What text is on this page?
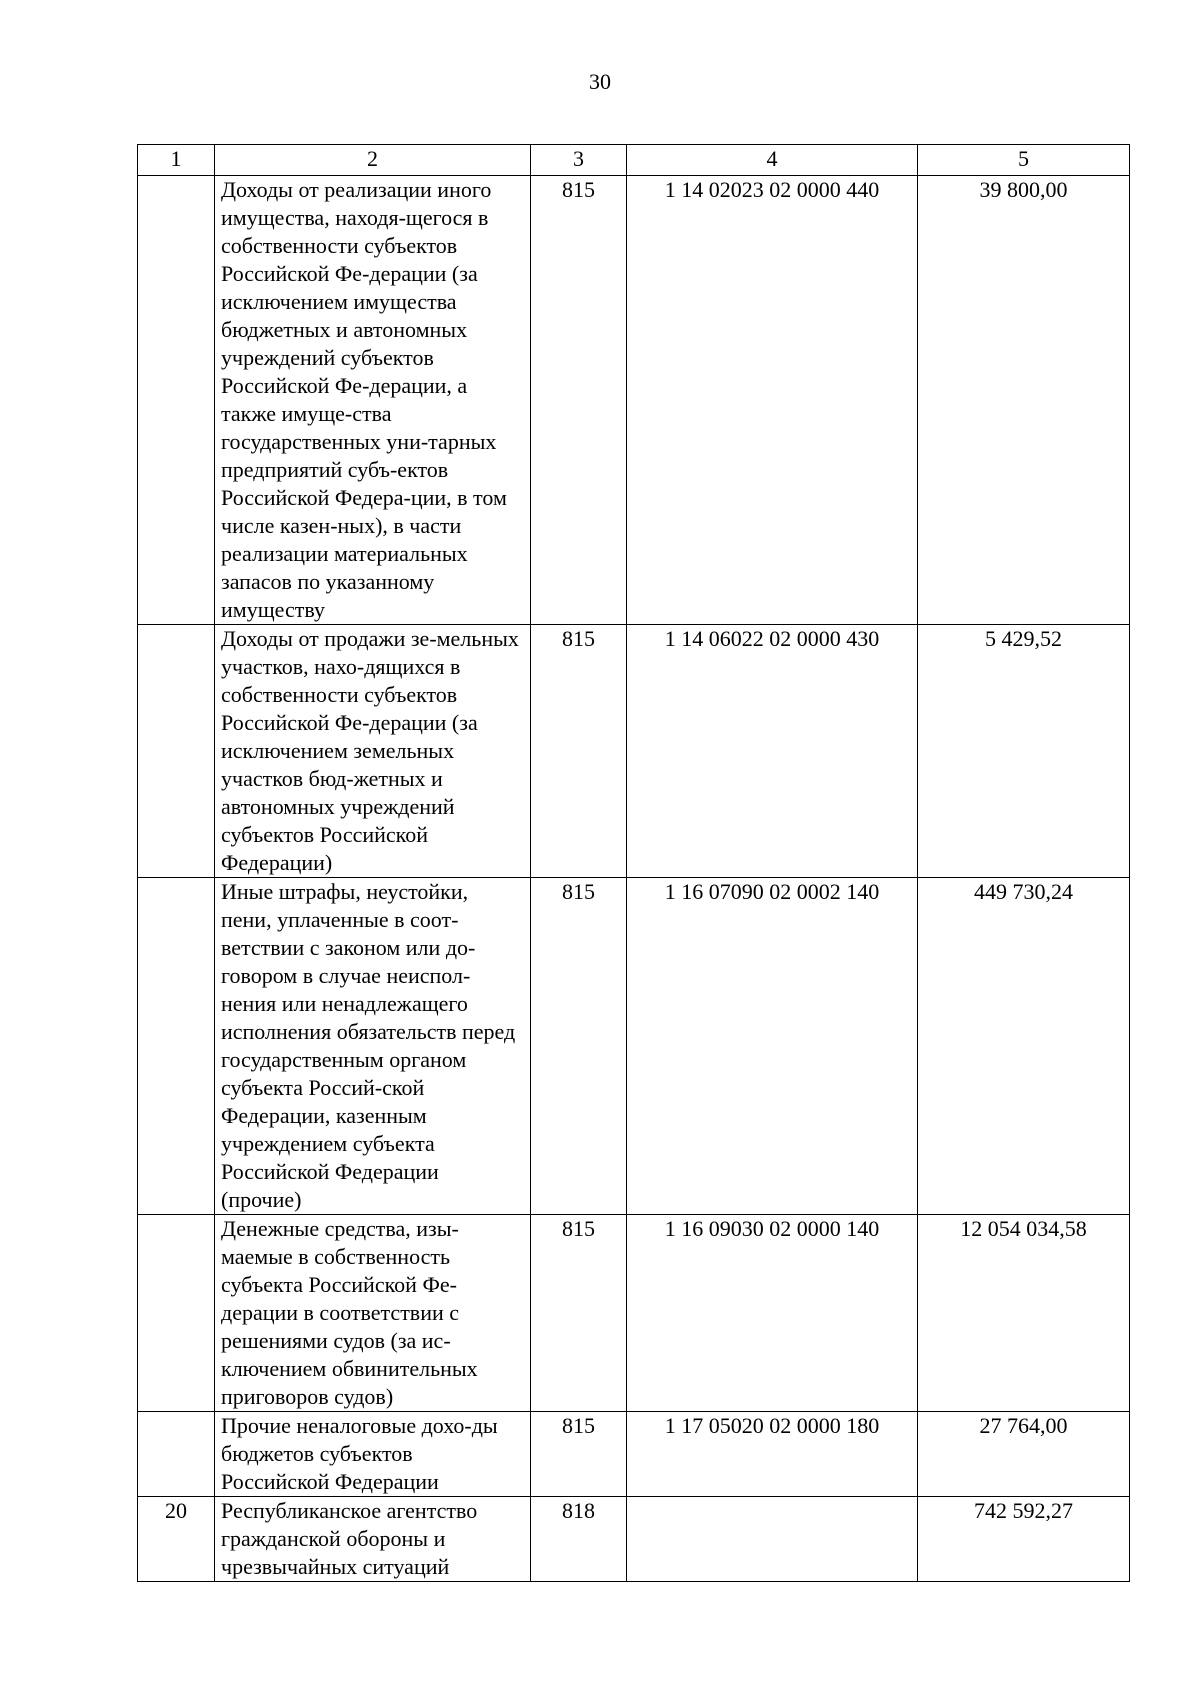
30
1	2	3	4	5
	Доходы от реализации иного имущества, находя-щегося в собственности субъектов Российской Фе-дерации (за исключением имущества бюджетных и автономных учреждений субъектов Российской Фе-дерации, а также имуще-ства государственных уни-тарных предприятий субъ-ектов Российской Федера-ции, в том числе казен-ных), в части реализации материальных запасов по указанному имуществу	815	1 14 02023 02 0000 440	39 800,00
	Доходы от продажи зе-мельных участков, нахо-дящихся в собственности субъектов Российской Фе-дерации (за исключением земельных участков бюд-жетных и автономных учреждений субъектов Российской Федерации)	815	1 14 06022 02 0000 430	5 429,52
	Иные штрафы, неустойки, пени, уплаченные в соот-ветствии с законом или до-говором в случае неиспол-нения или ненадлежащего исполнения обязательств перед государственным органом субъекта Россий-ской Федерации, казенным учреждением субъекта Российской Федерации (прочие)	815	1 16 07090 02 0002 140	449 730,24
	Денежные средства, изы-маемые в собственность субъекта Российской Фе-дерации в соответствии с решениями судов (за ис-ключением обвинительных приговоров судов)	815	1 16 09030 02 0000 140	12 054 034,58
	Прочие неналоговые дохо-ды бюджетов субъектов Российской Федерации	815	1 17 05020 02 0000 180	27 764,00
20	Республиканское агентство гражданской обороны и чрезвычайных ситуаций	818		742 592,27
